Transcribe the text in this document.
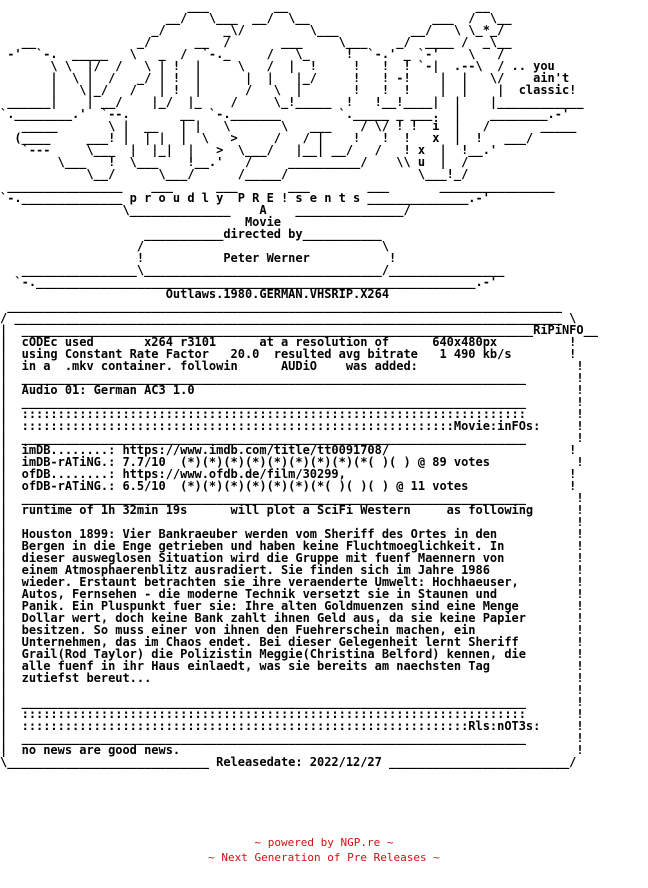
___         __                          __
__/   \___  __/  \__                 ___  /  \__
_/        _\/         \___          __/   \ \_*_/
__              _/      __  /       ___     \___    _/  ____ /  _\__
-'  `-.  _____   \   _  /  `-._     /   \_     !  `-.' _ `-'    \   /
\ \  |/  /   \ | !  |     \   /  |  !     !   !  ! `-|  .--\  / .. you
|  \ |  /   _/ | !  |      |  |   |_/     !   ! -!    |  |   \/    ain't
|   \|_/   /   | !  |      /   \  |       !   !  !    |  |    |  classic!
______|    | __/    |_/  |_    /     \_!_____  !   !__!____|  |    |____________
`.________.'  `--.       __  `-._______        `._____ _ ___.  |    ________.-'
_____       \ |  __   | |   \       \   ___    / \/ ! !  i  |   /       _____
(____     ___! |  | |  |  \   >     /   / |    !   !  !   x  |  !   ___/
`---     \___  |  |_|  |   >  \___/   |__| __/   /   ! x  |  !__.'
\___   !  \___    !__.'   /     __________/    \\ u  |  /
\__/      \___/      /_____/                  \___!_/
________________    ___      ___       ___        ___       ________________
`-.______________ p r o u d l y  P R E ! s e n t s ______________.-'
\______________    A    _______________/
Movie
___________directed by___________
/                                 \
!           Peter Werner           !
________________\_________________________________/________________
`-._____________________________________________________________.-'
Outlaws.1980.GERMAN.VHSRIP.X264
_____________________________________________________________________________
/ ____________________________________________________________________________ \
|  _______________________________________________________________________RiPiNFO__
|  cODEc used       x264 r3101      at a resolution of      640x480px          !
|  using Constant Rate Factor   20.0  resulted avg bitrate   1 490 kb/s        !
|  in a  .mkv container. followin      AUDiO    was added:                      !
|  ______________________________________________________________________       !
|  Audio 01: German AC3 1.0                                                     !
|  ______________________________________________________________________       !
|  ::::::::::::::::::::::::::::::::::::::::::::::::::::::::::::::::::::::       !
|  ::::::::::::::::::::::::::::::::::::::::::::::::::::::::::::Movie:inFOs:     !
|  ______________________________________________________________________       !
|  imDB........: https://www.imdb.com/title/tt0091708/                         !
|  imDB-rATiNG.: 7.7/10  (*)(*)(*)(*)(*)(*)(*)(*)(*( )( ) @ 89 votes            !
|  ofDB........: https://www.ofdb.de/film/30299,                               !
|  ofDB-rATiNG.: 6.5/10  (*)(*)(*)(*)(*)(*)(*( )( )( ) @ 11 votes              !
|  ______________________________________________________________________       !
|  runtime of 1h 32min 19s      will plot a SciFi Western     as following      !
|                                                                               !
|  Houston 1899: Vier Bankraeuber werden vom Sheriff des Ortes in den           !
|  Bergen in die Enge getrieben und haben keine Fluchtmoeglichkeit. In          !
|  dieser ausweglosen Situation wird die Gruppe mit fuenf Maennern von          !
|  einem Atmosphaerenblitz ausradiert. Sie finden sich im Jahre 1986            !
|  wieder. Erstaunt betrachten sie ihre veraenderte Umwelt: Hochhaeuser,        !
|  Autos, Fernsehen - die moderne Technik versetzt sie in Staunen und           !
|  Panik. Ein Pluspunkt fuer sie: Ihre alten Goldmuenzen sind eine Menge        !
|  Dollar wert, doch keine Bank zahlt ihnen Geld aus, da sie keine Papier       !
|  besitzen. So muss einer von ihnen den Fuehrerschein machen, ein              !
|  Unternehmen, das im Chaos endet. Bei dieser Gelegenheit lernt Sheriff        !
|  Grail(Rod Taylor) die Polizistin Meggie(Christina Belford) kennen, die       !
|  alle fuenf in ihr Haus einlaedt, was sie bereits am naechsten Tag            !
|  zutiefst bereut...                                                           !
|                                                                               !
|  ______________________________________________________________________       !
|  ::::::::::::::::::::::::::::::::::::::::::::::::::::::::::::::::::::::       !
|  ::::::::::::::::::::::::::::::::::::::::::::::::::::::::::::::Rls:nOT3s:     !
|  ______________________________________________________________________       !
|  no news are good news.                                                       !
\____________________________ Releasedate: 2022/12/27 _________________________/
~ powered by NGP.re ~
~ Next Generation of Pre Releases ~
